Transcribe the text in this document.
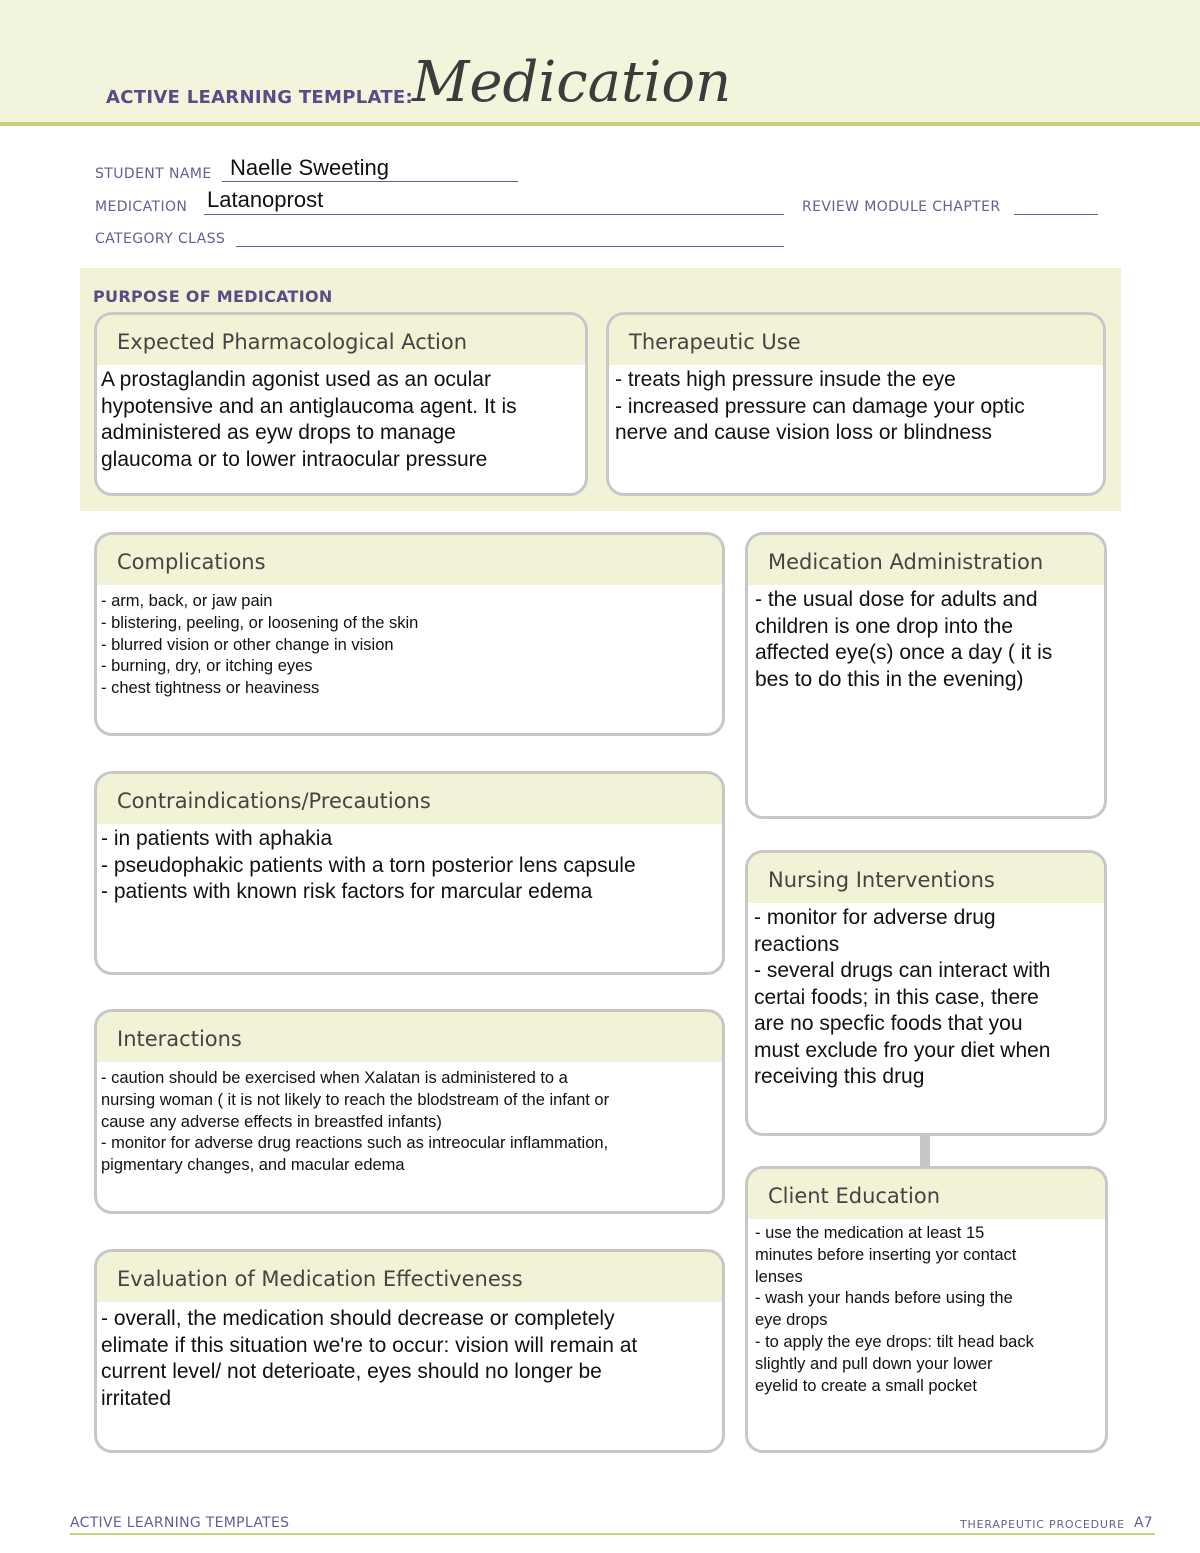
ACTIVE LEARNING TEMPLATE: Medication
STUDENT NAME Naelle Sweeting
MEDICATION Latanoprost	REVIEW MODULE CHAPTER
CATEGORY CLASS
PURPOSE OF MEDICATION
Expected Pharmacological Action
A prostaglandin agonist used as an ocular
hypotensive and an antiglaucoma agent. It is
administered as eyw drops to manage
glaucoma or to lower intraocular pressure
Therapeutic Use
- treats high pressure insude the eye
- increased pressure can damage your optic
nerve and cause vision loss or blindness
Complications
- arm, back, or jaw pain
- blistering, peeling, or loosening of the skin
- blurred vision or other change in vision
- burning, dry, or itching eyes
- chest tightness or heaviness
Contraindications/Precautions
- in patients with aphakia
- pseudophakic patients with a torn posterior lens capsule
- patients with known risk factors for marcular edema
Interactions
- caution should be exercised when Xalatan is administered to a
nursing woman ( it is not likely to reach the blodstream of the infant or
cause any adverse effects in breastfed infants)
- monitor for adverse drug reactions such as intreocular inflammation,
pigmentary changes, and macular edema
Evaluation of Medication Effectiveness
- overall, the medication should decrease or completely
elimate if this situation we're to occur: vision will remain at
current level/ not deterioate, eyes should no longer be
irritated
Medication Administration
- the usual dose for adults and
children is one drop into the
affected eye(s) once a day ( it is
bes to do this in the evening)
Nursing Interventions
- monitor for adverse drug
reactions
- several drugs can interact with
certai foods; in this case, there
are no specfic foods that you
must exclude fro your diet when
receiving this drug
Client Education
- use the medication at least 15
minutes before inserting yor contact
lenses
- wash your hands before using the
eye drops
- to apply the eye drops: tilt head back
slightly and pull down your lower
eyelid to create a small pocket
ACTIVE LEARNING TEMPLATES	THERAPEUTIC PROCEDURE A7
